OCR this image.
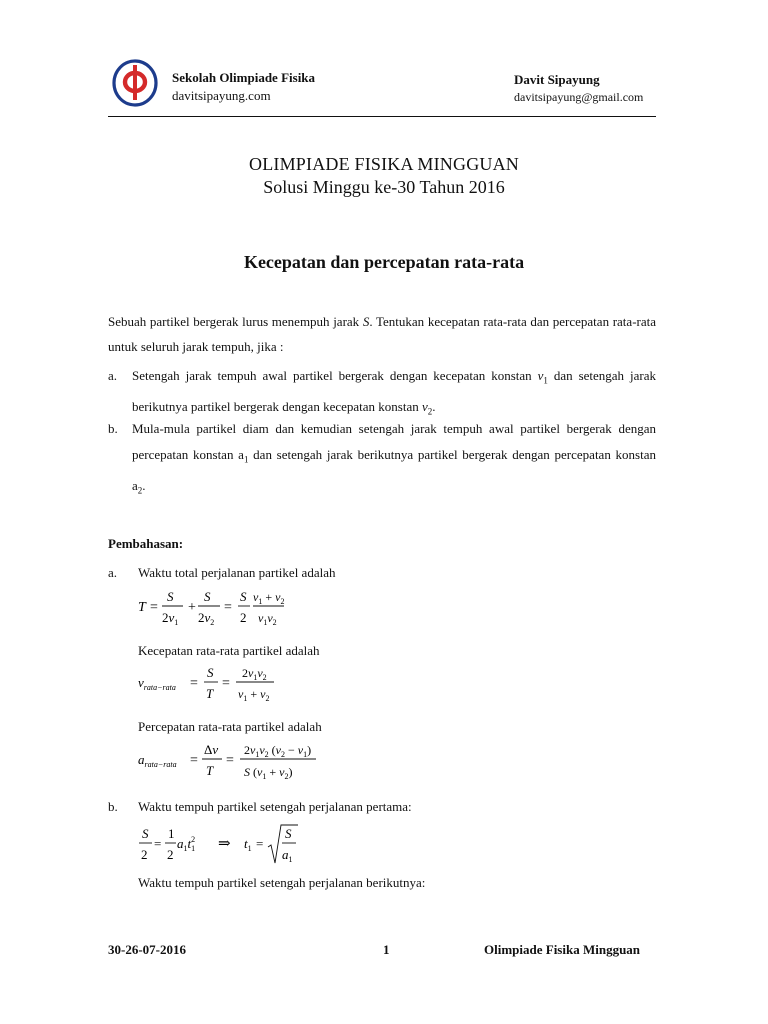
Sekolah Olimpiade Fisika
davitsipayung.com
Davit Sipayung
davitsipayung@gmail.com
OLIMPIADE FISIKA MINGGUAN
Solusi Minggu ke-30 Tahun 2016
Kecepatan dan percepatan rata-rata
Sebuah partikel bergerak lurus menempuh jarak S. Tentukan kecepatan rata-rata dan percepatan rata-rata untuk seluruh jarak tempuh, jika :
a. Setengah jarak tempuh awal partikel bergerak dengan kecepatan konstan $v_1$ dan setengah jarak berikutnya partikel bergerak dengan kecepatan konstan $v_2$.
b. Mula-mula partikel diam dan kemudian setengah jarak tempuh awal partikel bergerak dengan percepatan konstan $a_1$ dan setengah jarak berikutnya partikel bergerak dengan percepatan konstan $a_2$.
Pembahasan:
a. Waktu total perjalanan partikel adalah
T =
S
$2v_1$
+
S
$2v_2$
=
S
2
$v_1 + v_2$
$v_1v_2$
Kecepatan rata-rata partikel adalah
$v_{rata-rata}$ =
S
T
=
$2v_1v_2$
$v_1 + v_2$
Percepatan rata-rata partikel adalah
$a_{rata-rata}$ =
Δv
T
=
$2v_1v_2$ $(v_2 - v_1)$
S $(v_1 + v_2)$
b. Waktu tempuh partikel setengah perjalanan pertama:
S
2
=
1
2
$a_1t_12$ ⇒ $t_1$ =
S
$a_1$
Waktu tempuh partikel setengah perjalanan berikutnya:
30-26-07-2016	1	Olimpiade Fisika Mingguan
